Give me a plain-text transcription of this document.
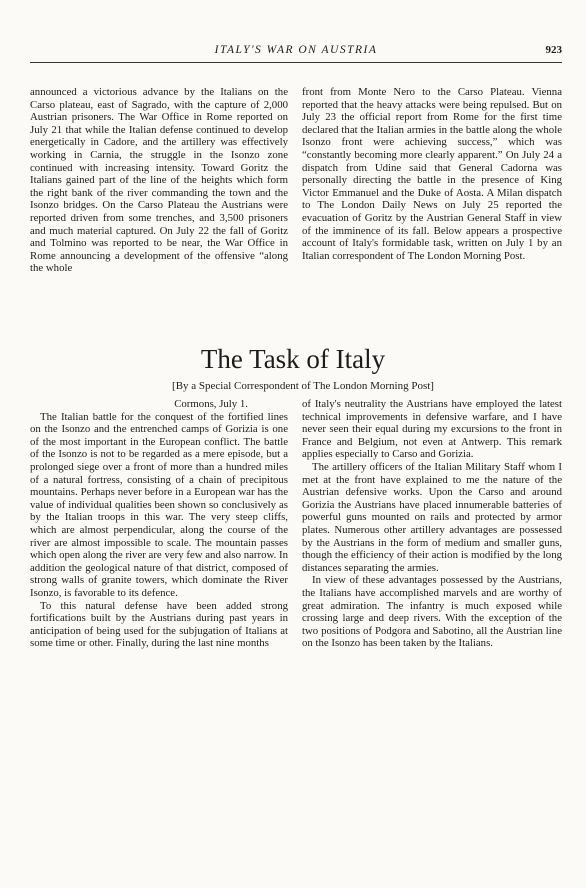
ITALY'S WAR ON AUSTRIA	923

announced a victorious advance by the Italians on the Carso plateau, east of Sagrado, with the capture of 2,000 Austrian prisoners. The War Office in Rome reported on July 21 that while the Italian defense continued to develop energetically in Cadore, and the artillery was effectively working in Carnia, the struggle in the Isonzo zone continued with increasing intensity. Toward Goritz the Italians gained part of the line of the heights which form the right bank of the river commanding the town and the Isonzo bridges. On the Carso Plateau the Austrians were reported driven from some trenches, and 3,500 prisoners and much material captured. On July 22 the fall of Goritz and Tolmino was reported to be near, the War Office in Rome announcing a development of the offensive “along the whole

front from Monte Nero to the Carso Plateau. Vienna reported that the heavy attacks were being repulsed. But on July 23 the official report from Rome for the first time declared that the Italian armies in the battle along the whole Isonzo front were achieving success,” which was “constantly becoming more clearly apparent.” On July 24 a dispatch from Udine said that General Cadorna was personally directing the battle in the presence of King Victor Emmanuel and the Duke of Aosta. A Milan dispatch to The London Daily News on July 25 reported the evacuation of Goritz by the Austrian General Staff in view of the imminence of its fall. Below appears a prospective account of Italy's formidable task, written on July 1 by an Italian correspondent of The London Morning Post.

The Task of Italy
[By a Special Correspondent of The London Morning Post]

Cormons, July 1.

The Italian battle for the conquest of the fortified lines on the Isonzo and the entrenched camps of Gorizia is one of the most important in the European conflict. The battle of the Isonzo is not to be regarded as a mere episode, but a prolonged siege over a front of more than a hundred miles of a natural fortress, consisting of a chain of precipitous mountains. Perhaps never before in a European war has the value of individual qualities been shown so conclusively as by the Italian troops in this war. The very steep cliffs, which are almost perpendicular, along the course of the river are almost impossible to scale. The mountain passes which open along the river are very few and also narrow. In addition the geological nature of that district, composed of strong walls of granite towers, which dominate the River Isonzo, is favorable to its defence.

To this natural defense have been added strong fortifications built by the Austrians during past years in anticipation of being used for the subjugation of Italians at some time or other. Finally, during the last nine months

of Italy's neutrality the Austrians have employed the latest technical improvements in defensive warfare, and I have never seen their equal during my excursions to the front in France and Belgium, not even at Antwerp. This remark applies especially to Carso and Gorizia.

The artillery officers of the Italian Military Staff whom I met at the front have explained to me the nature of the Austrian defensive works. Upon the Carso and around Gorizia the Austrians have placed innumerable batteries of powerful guns mounted on rails and protected by armor plates. Numerous other artillery advantages are possessed by the Austrians in the form of medium and smaller guns, though the efficiency of their action is modified by the long distances separating the armies.

In view of these advantages possessed by the Austrians, the Italians have accomplished marvels and are worthy of great admiration. The infantry is much exposed while crossing large and deep rivers. With the exception of the two positions of Podgora and Sabotino, all the Austrian line on the Isonzo has been taken by the Italians.
